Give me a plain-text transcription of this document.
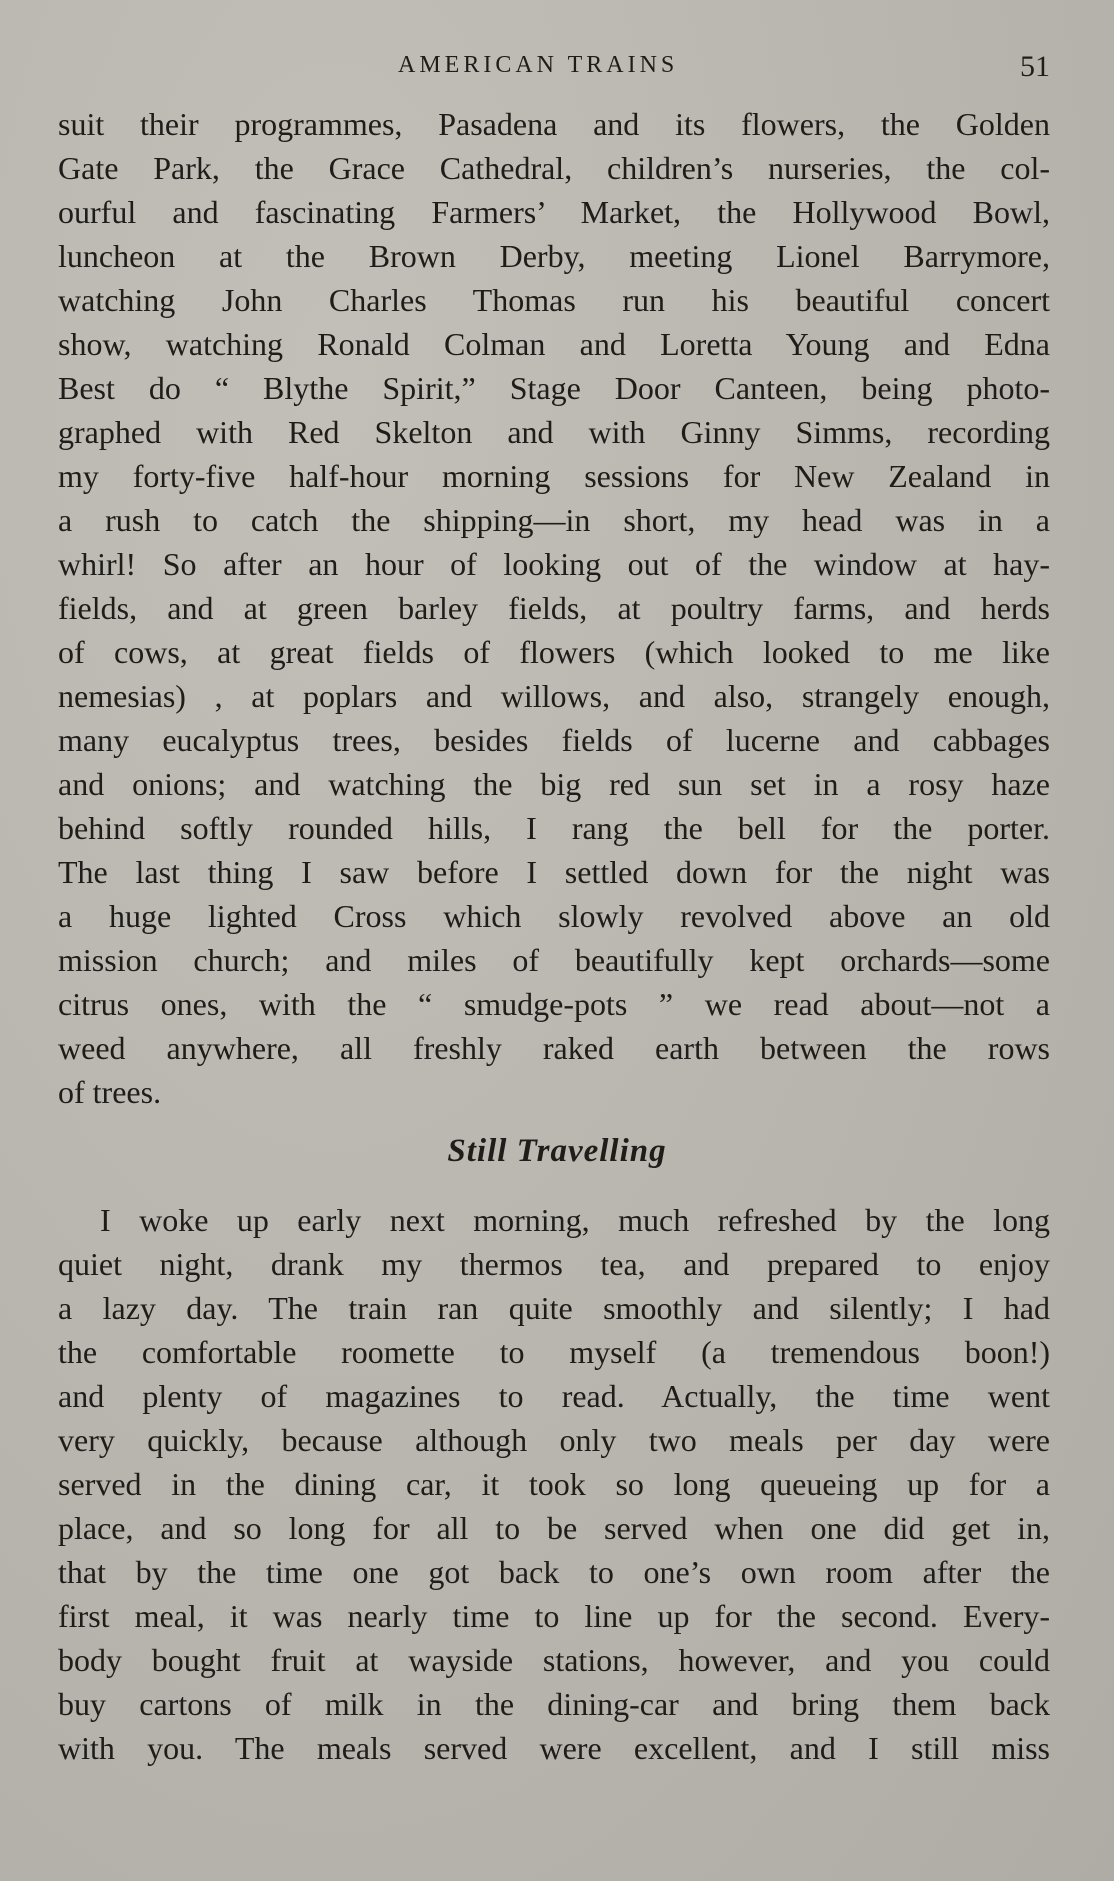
AMERICAN TRAINS	51
suit their programmes, Pasadena and its flowers, the Golden
Gate Park, the Grace Cathedral, children’s nurseries, the col-
ourful and fascinating Farmers’ Market, the Hollywood Bowl,
luncheon at the Brown Derby, meeting Lionel Barrymore,
watching John Charles Thomas run his beautiful concert
show, watching Ronald Colman and Loretta Young and Edna
Best do “ Blythe Spirit,” Stage Door Canteen, being photo-
graphed with Red Skelton and with Ginny Simms, recording
my forty-five half-hour morning sessions for New Zealand in
a rush to catch the shipping—in short, my head was in a
whirl! So after an hour of looking out of the window at hay-
fields, and at green barley fields, at poultry farms, and herds
of cows, at great fields of flowers (which looked to me like
nemesias) , at poplars and willows, and also, strangely enough,
many eucalyptus trees, besides fields of lucerne and cabbages
and onions; and watching the big red sun set in a rosy haze
behind softly rounded hills, I rang the bell for the porter.
The last thing I saw before I settled down for the night was
a huge lighted Cross which slowly revolved above an old
mission church; and miles of beautifully kept orchards—some
citrus ones, with the “ smudge-pots ” we read about—not a
weed anywhere, all freshly raked earth between the rows
of trees.
Still Travelling
I woke up early next morning, much refreshed by the long
quiet night, drank my thermos tea, and prepared to enjoy
a lazy day. The train ran quite smoothly and silently; I had
the comfortable roomette to myself (a tremendous boon!)
and plenty of magazines to read. Actually, the time went
very quickly, because although only two meals per day were
served in the dining car, it took so long queueing up for a
place, and so long for all to be served when one did get in,
that by the time one got back to one’s own room after the
first meal, it was nearly time to line up for the second. Every-
body bought fruit at wayside stations, however, and you could
buy cartons of milk in the dining-car and bring them back
with you. The meals served were excellent, and I still miss
